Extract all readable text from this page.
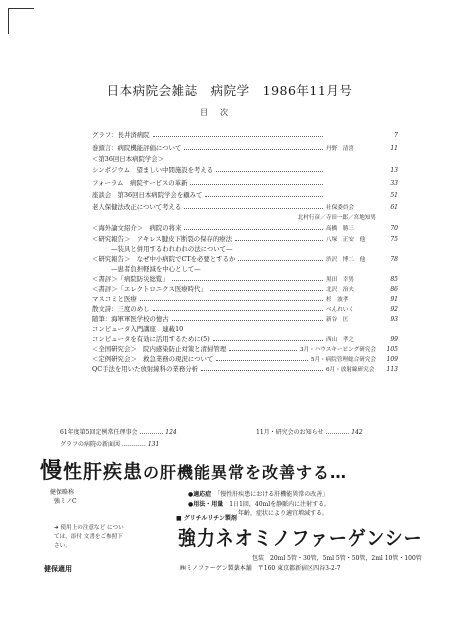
日本病院会雑誌　病院学　 1986年11月号

目次
グラフ：長井済病院	7
巻頭言：病院機能評価について	丹野　清喜	11
＜第36回日本病院学会＞
シンポジウム　望ましい中間施設を考える	13
フォーラム　病院サービスの革新	33
座談会　第36回日本病院学会を顧みて	51
老人保健法改正について考える	社保委員会	61
北村行彦／寺田一郎／宮地知男
＜海外論文紹介＞　病院の将来	高橋　勝三	70
＜研究報告＞　アキレス腱皮下断裂の保存的療法	八塚　正安　他	75
　　　—装具と併用するわれわれの法について—
＜研究報告＞　なぜ中小病院でCTを必要とするか	渋沢　博二　他	78
　　　—患者負担軽減を中心として—
＜書評＞「病院防災総覧」	黒田　幸男	85
＜書評＞「エレクトロニクス医療時代」	北沢　治夫	86
マスコミと医療	杉　波孝	91
散文詩：三度のめし	べんれいく	92
随筆：海軍軍医学校の憶古	新谷　匡	93
コンピュータ入門講座　連載10
コンピュータを有効に活用するために(5)	西山　孝之	99
＜全国研究会＞　院内感染防止対策と清掃管理	3月・ハウスキーピング研究会	105
＜定例研究会＞　救急業務の現況について	5月・病院管理総合研究会	109
QC手法を用いた放射線科の業務分析	6月・放射線研究会	113
61年度第5回定例常任理事会 ………… 124	11月・研究会のお知らせ ………… 142
グラフの病院の新面図 ………… 131
慢性肝疾患の肝機能異常を改善する…
健保略称
強ミノC
●適応症　 「慢性肝疾患における肝機能異常の改善」
●用法・用量　 1日1回，40mlを静脈内に注射する。
年齢，症状により適宜増減する。
■ グリチルリチン製剤
➜ 使用上の注意など については，添付 文書をご参照下さい。	強力ネオミノファーゲンシー
包装　20ml 5管・30管，5ml 5管・50管，2ml 10管・100管
健保適用	㈱ミノファーゲン製薬本舗　〒160 東京都新宿区四谷3-2-7
